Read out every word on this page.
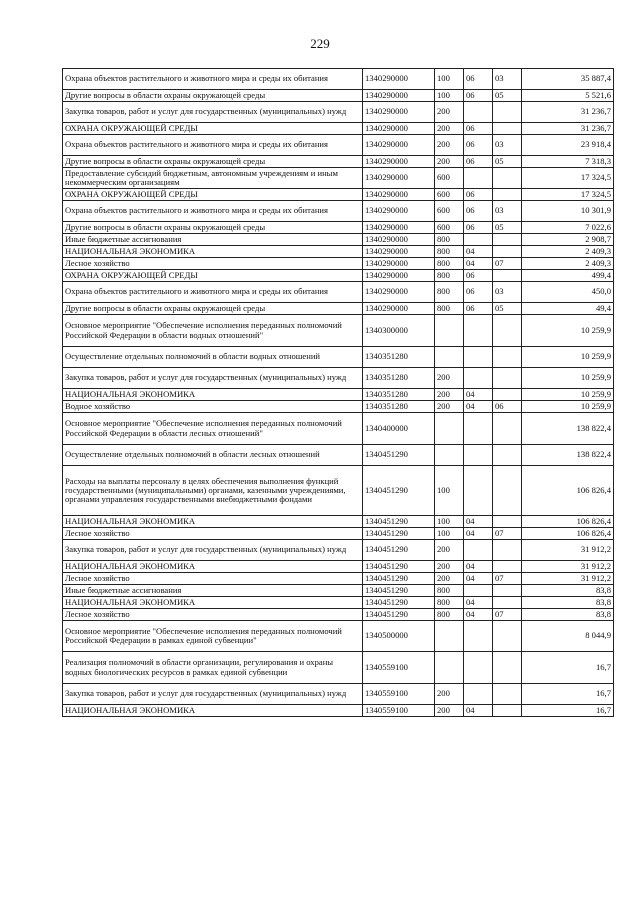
229
Охрана объектов растительного и животного мира и среды их обитания	1340290000	100	06	03	35 887,4
Другие вопросы в области охраны окружающей среды	1340290000	100	06	05	5 521,6
Закупка товаров, работ и услуг для государственных (муниципальных) нужд	1340290000	200			31 236,7
ОХРАНА ОКРУЖАЮЩЕЙ СРЕДЫ	1340290000	200	06		31 236,7
Охрана объектов растительного и животного мира и среды их обитания	1340290000	200	06	03	23 918,4
Другие вопросы в области охраны окружающей среды	1340290000	200	06	05	7 318,3
Предоставление субсидий бюджетным, автономным учреждениям и иным некоммерческим организациям	1340290000	600			17 324,5
ОХРАНА ОКРУЖАЮЩЕЙ СРЕДЫ	1340290000	600	06		17 324,5
Охрана объектов растительного и животного мира и среды их обитания	1340290000	600	06	03	10 301,9
Другие вопросы в области охраны окружающей среды	1340290000	600	06	05	7 022,6
Иные бюджетные ассигнования	1340290000	800			2 908,7
НАЦИОНАЛЬНАЯ ЭКОНОМИКА	1340290000	800	04		2 409,3
Лесное хозяйство	1340290000	800	04	07	2 409,3
ОХРАНА ОКРУЖАЮЩЕЙ СРЕДЫ	1340290000	800	06		499,4
Охрана объектов растительного и животного мира и среды их обитания	1340290000	800	06	03	450,0
Другие вопросы в области охраны окружающей среды	1340290000	800	06	05	49,4
Основное мероприятие "Обеспечение исполнения переданных полномочий Российской Федерации в области водных отношений"	1340300000				10 259,9
Осуществление отдельных полномочий в области водных отношений	1340351280				10 259,9
Закупка товаров, работ и услуг для государственных (муниципальных) нужд	1340351280	200			10 259,9
НАЦИОНАЛЬНАЯ ЭКОНОМИКА	1340351280	200	04		10 259,9
Водное хозяйство	1340351280	200	04	06	10 259,9
Основное мероприятие "Обеспечение исполнения переданных полномочий Российской Федерации в области лесных отношений"	1340400000				138 822,4
Осуществление отдельных полномочий в области лесных отношений	1340451290				138 822,4
Расходы на выплаты персоналу в целях обеспечения выполнения функций государственными (муниципальными) органами, казенными учреждениями, органами управления государственными внебюджетными фондами	1340451290	100			106 826,4
НАЦИОНАЛЬНАЯ ЭКОНОМИКА	1340451290	100	04		106 826,4
Лесное хозяйство	1340451290	100	04	07	106 826,4
Закупка товаров, работ и услуг для государственных (муниципальных) нужд	1340451290	200			31 912,2
НАЦИОНАЛЬНАЯ ЭКОНОМИКА	1340451290	200	04		31 912,2
Лесное хозяйство	1340451290	200	04	07	31 912,2
Иные бюджетные ассигнования	1340451290	800			83,8
НАЦИОНАЛЬНАЯ ЭКОНОМИКА	1340451290	800	04		83,8
Лесное хозяйство	1340451290	800	04	07	83,8
Основное мероприятие "Обеспечение исполнения переданных полномочий Российской Федерации в рамках единой субвенции"	1340500000				8 044,9
Реализация полномочий в области организации, регулирования и охраны водных биологических ресурсов в рамках единой субвенции	1340559100				16,7
Закупка товаров, работ и услуг для государственных (муниципальных) нужд	1340559100	200			16,7
НАЦИОНАЛЬНАЯ ЭКОНОМИКА	1340559100	200	04		16,7
